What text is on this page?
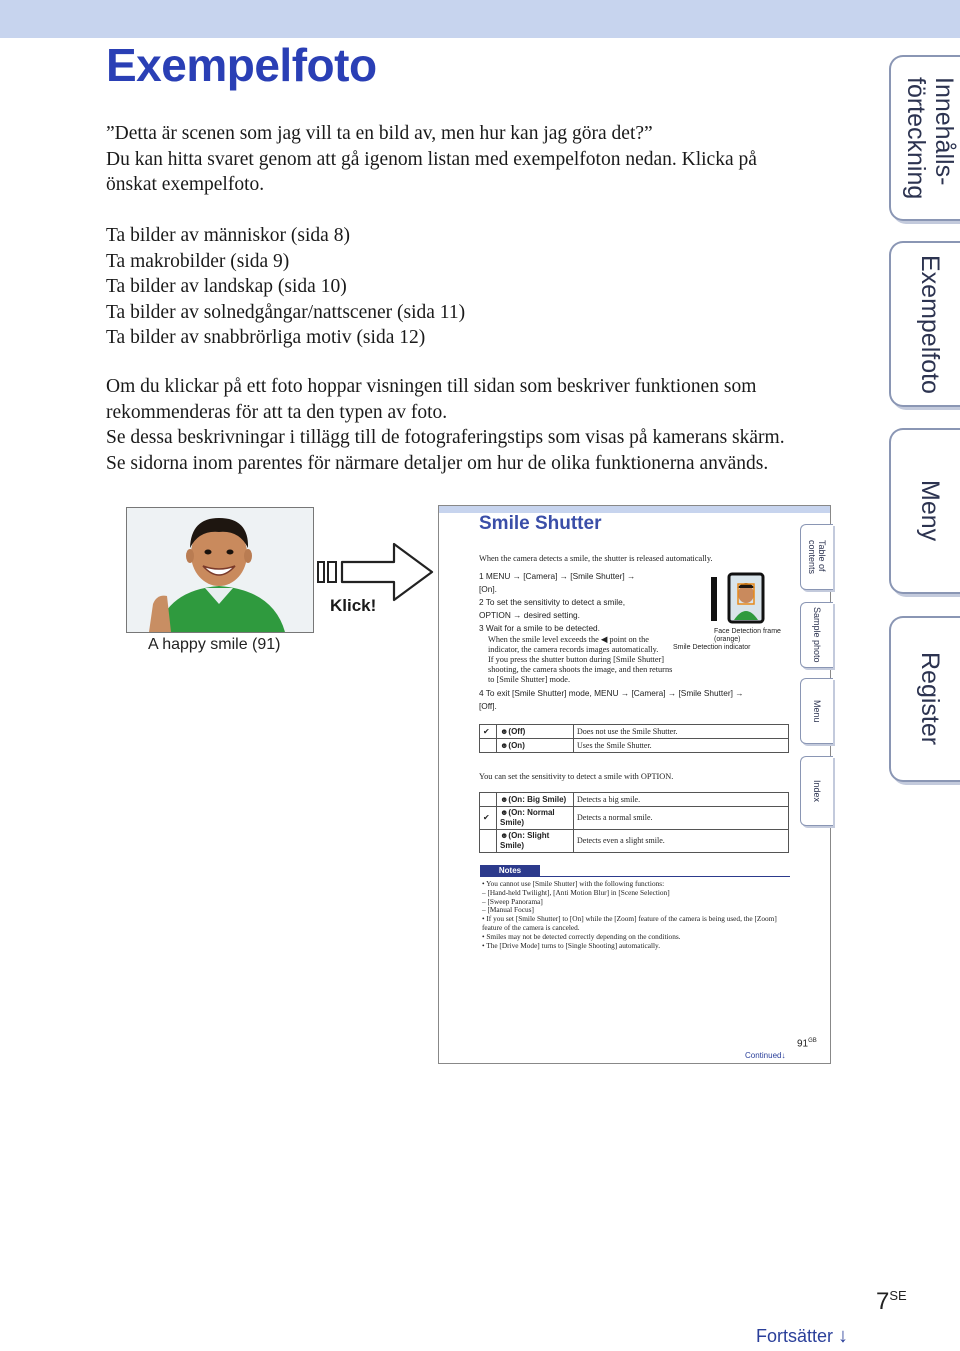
Exempelfoto
”Detta är scenen som jag vill ta en bild av, men hur kan jag göra det?”
Du kan hitta svaret genom att gå igenom listan med exempelfoton nedan. Klicka på
önskat exempelfoto.
Ta bilder av människor (sida 8)
Ta makrobilder (sida 9)
Ta bilder av landskap (sida 10)
Ta bilder av solnedgångar/nattscener (sida 11)
Ta bilder av snabbrörliga motiv (sida 12)
Om du klickar på ett foto hoppar visningen till sidan som beskriver funktionen som
rekommenderas för att ta den typen av foto.
Se dessa beskrivningar i tillägg till de fotograferingstips som visas på kamerans skärm.
Se sidorna inom parentes för närmare detaljer om hur de olika funktionerna används.
Innehålls-
förteckning
Exempelfoto
Meny
Register
A happy smile (91)
Klick!
Smile Shutter
When the camera detects a smile, the shutter is released automatically.
1 MENU → [Camera] → [Smile Shutter] →
[On].
2 To set the sensitivity to detect a smile,
OPTION → desired setting.
3 Wait for a smile to be detected.
When the smile level exceeds the ◀ point on the
indicator, the camera records images automatically.
If you press the shutter button during [Smile Shutter]
shooting, the camera shoots the image, and then returns
to [Smile Shutter] mode.
4 To exit [Smile Shutter] mode, MENU → [Camera] → [Smile Shutter] →
[Off].
Face Detection frame
(orange)
Smile Detection indicator
✔	☻(Off)	Does not use the Smile Shutter.
	☻(On)	Uses the Smile Shutter.
You can set the sensitivity to detect a smile with OPTION.
	☻(On: Big Smile)	Detects a big smile.
✔	☻(On: Normal Smile)	Detects a normal smile.
	☻(On: Slight Smile)	Detects even a slight smile.
Notes
• You cannot use [Smile Shutter] with the following functions:
– [Hand-held Twilight], [Anti Motion Blur] in [Scene Selection]
– [Sweep Panorama]
– [Manual Focus]
• If you set [Smile Shutter] to [On] while the [Zoom] feature of the camera is being used, the [Zoom]
feature of the camera is canceled.
• Smiles may not be detected correctly depending on the conditions.
• The [Drive Mode] turns to [Single Shooting] automatically.
Table of
contents
Sample photo
Menu
Index
$91^{GB}$
Continued↓
$7^{SE}$
Fortsätter ↓
